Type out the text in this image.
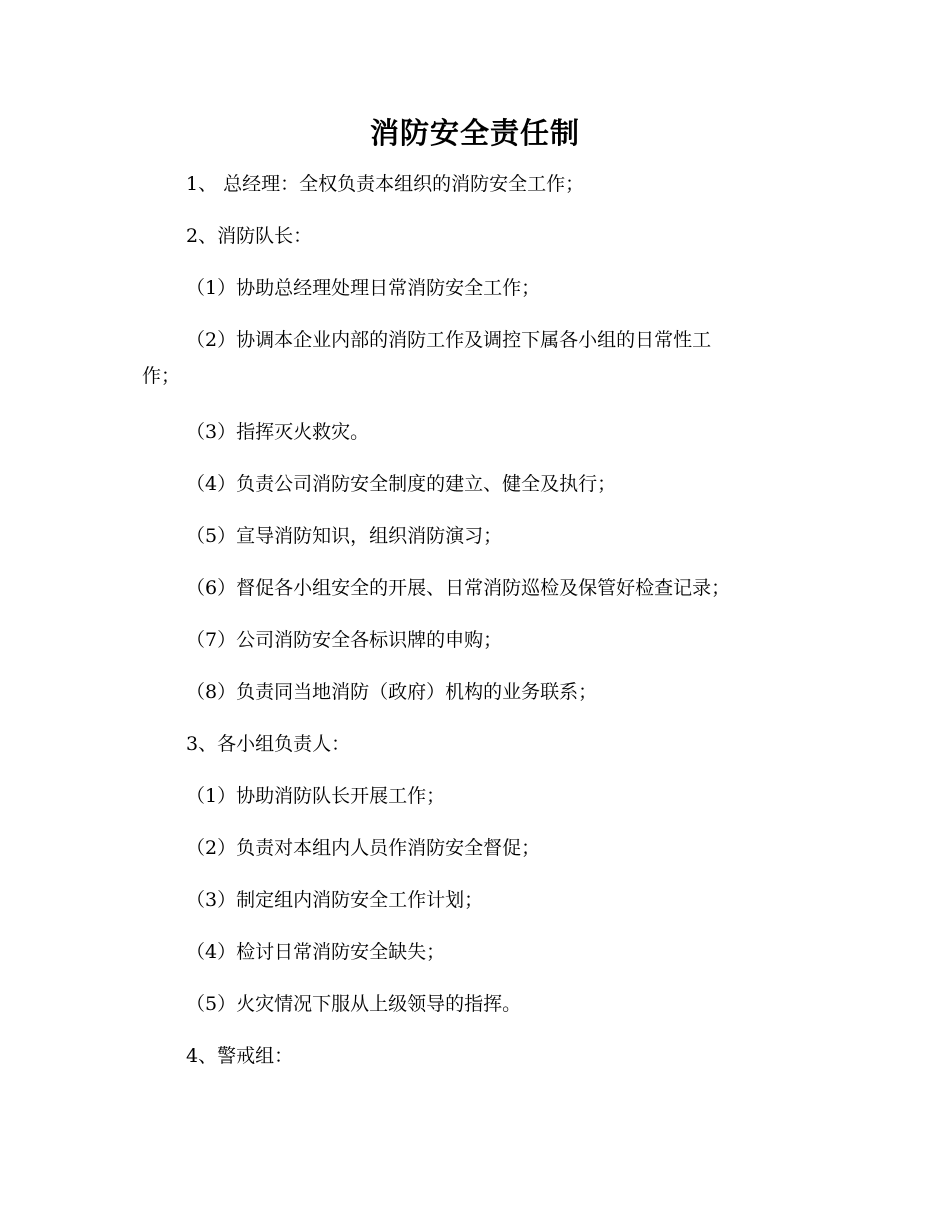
消防安全责任制

1、 总经理：全权负责本组织的消防安全工作；

2、消防队长：

（1）协助总经理处理日常消防安全工作；

（2）协调本企业内部的消防工作及调控下属各小组的日常性工
作；

（3）指挥灭火救灾。

（4）负责公司消防安全制度的建立、健全及执行；

（5）宣导消防知识，组织消防演习；

（6）督促各小组安全的开展、日常消防巡检及保管好检查记录；

（7）公司消防安全各标识牌的申购；

（8）负责同当地消防（政府）机构的业务联系；

3、各小组负责人：

（1）协助消防队长开展工作；

（2）负责对本组内人员作消防安全督促；

（3）制定组内消防安全工作计划；

（4）检讨日常消防安全缺失；

（5）火灾情况下服从上级领导的指挥。

4、警戒组：
